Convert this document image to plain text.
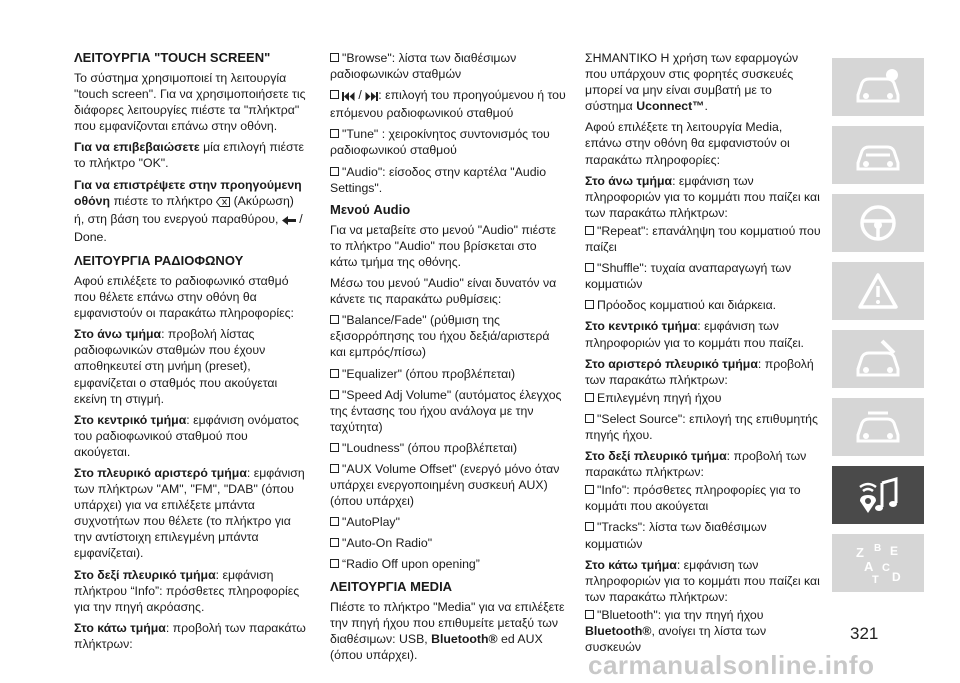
ΛΕΙΤΟΥΡΓΙΑ "TOUCH SCREEN"

Το σύστημα χρησιμοποιεί τη λειτουργία "touch screen". Για να χρησιμοποιήσετε τις διάφορες λειτουργίες πιέστε τα "πλήκτρα" που εμφανίζονται επάνω στην οθόνη.

Για να επιβεβαιώσετε μία επιλογή πιέστε το πλήκτρο "OK".

Για να επιστρέψετε στην προηγούμενη οθόνη πιέστε το πλήκτρο  (Ακύρωση) ή, στη βάση του ενεργού παραθύρου,  / Done.

ΛΕΙΤΟΥΡΓΙΑ ΡΑΔΙΟΦΩΝΟΥ

Αφού επιλέξετε το ραδιοφωνικό σταθμό που θέλετε επάνω στην οθόνη θα εμφανιστούν οι παρακάτω πληροφορίες:

Στο άνω τμήμα: προβολή λίστας ραδιοφωνικών σταθμών που έχουν αποθηκευτεί στη μνήμη (preset), εμφανίζεται ο σταθμός που ακούγεται εκείνη τη στιγμή.

Στο κεντρικό τμήμα: εμφάνιση ονόματος του ραδιοφωνικού σταθμού που ακούγεται.

Στο πλευρικό αριστερό τμήμα: εμφάνιση των πλήκτρων "AM", "FM", "DAB" (όπου υπάρχει) για να επιλέξετε μπάντα συχνοτήτων που θέλετε (το πλήκτρο για την αντίστοιχη επιλεγμένη μπάντα εμφανίζεται).

Στο δεξί πλευρικό τμήμα: εμφάνιση πλήκτρου “Info”: πρόσθετες πληροφορίες για την πηγή ακρόασης.

Στο κάτω τμήμα: προβολή των παρακάτω πλήκτρων:

"Browse": λίστα των διαθέσιμων ραδιοφωνικών σταθμών

/ : επιλογή του προηγούμενου ή του επόμενου ραδιοφωνικού σταθμού

"Tune" : χειροκίνητος συντονισμός του ραδιοφωνικού σταθμού

"Audio": είσοδος στην καρτέλα "Audio Settings".

Μενού Audio

Για να μεταβείτε στο μενού "Audio" πιέστε το πλήκτρο "Audio" που βρίσκεται στο κάτω τμήμα της οθόνης.

Μέσω του μενού "Audio" είναι δυνατόν να κάνετε τις παρακάτω ρυθμίσεις:

"Balance/Fade" (ρύθμιση της εξισορρόπησης του ήχου δεξιά/αριστερά και εμπρός/πίσω)

"Equalizer" (όπου προβλέπεται)

"Speed Adj Volume" (αυτόματος έλεγχος της έντασης του ήχου ανάλογα με την ταχύτητα)

"Loudness" (όπου προβλέπεται)

"AUX Volume Offset" (ενεργό μόνο όταν υπάρχει ενεργοποιημένη συσκευή AUX) (όπου υπάρχει)

"AutoPlay"

"Auto-On Radio"

“Radio Off upon opening”

ΛΕΙΤΟΥΡΓΙΑ MEDIA

Πιέστε το πλήκτρο "Media" για να επιλέξετε την πηγή ήχου που επιθυμείτε μεταξύ των διαθέσιμων: USB, Bluetooth® ed AUX (όπου υπάρχει).

ΣΗΜΑΝΤΙΚΟ Η χρήση των εφαρμογών που υπάρχουν στις φορητές συσκευές μπορεί να μην είναι συμβατή με το σύστημα Uconnect™.

Αφού επιλέξετε τη λειτουργία Media, επάνω στην οθόνη θα εμφανιστούν οι παρακάτω πληροφορίες:

Στο άνω τμήμα: εμφάνιση των πληροφοριών για το κομμάτι που παίζει και των παρακάτω πλήκτρων:

"Repeat": επανάληψη του κομματιού που παίζει

"Shuffle": τυχαία αναπαραγωγή των κομματιών

Πρόοδος κομματιού και διάρκεια.

Στο κεντρικό τμήμα: εμφάνιση των πληροφοριών για το κομμάτι που παίζει.

Στο αριστερό πλευρικό τμήμα: προβολή των παρακάτω πλήκτρων:

Επιλεγμένη πηγή ήχου

"Select Source": επιλογή της επιθυμητής πηγής ήχου.

Στο δεξί πλευρικό τμήμα: προβολή των παρακάτω πλήκτρων:

"Info": πρόσθετες πληροφορίες για το κομμάτι που ακούγεται

"Tracks": λίστα των διαθέσιμων κομματιών

Στο κάτω τμήμα: εμφάνιση των πληροφοριών για το κομμάτι που παίζει και των παρακάτω πλήκτρων:

"Bluetooth": για την πηγή ήχου Bluetooth®, ανοίγει τη λίστα των συσκευών

Z B E
A C
T D
321
carmanualsonline.info
